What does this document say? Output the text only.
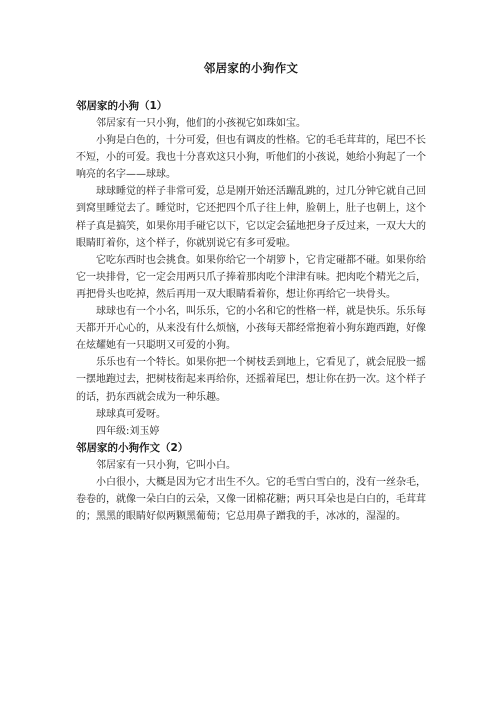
邻居家的小狗作文
邻居家的小狗（1）

邻居家有一只小狗，他们的小孩视它如珠如宝。

小狗是白色的，十分可爱，但也有调皮的性格。它的毛毛茸茸的，尾巴不长不短，小的可爱。我也十分喜欢这只小狗，听他们的小孩说，她给小狗起了一个响亮的名字——球球。

球球睡觉的样子非常可爱，总是刚开始还活蹦乱跳的，过几分钟它就自己回到窝里睡觉去了。睡觉时，它还把四个爪子往上伸，脸朝上，肚子也朝上，这个样子真是搞笑，如果你用手碰它以下，它以定会猛地把身子反过来，一双大大的眼睛盯着你，这个样子，你就别说它有多可爱啦。

它吃东西时也会挑食。如果你给它一个胡箩卜，它肯定碰都不碰。如果你给它一块排骨，它一定会用两只爪子捧着那肉吃个津津有味。把肉吃个精光之后，再把骨头也吃掉，然后再用一双大眼睛看着你，想让你再给它一块骨头。

球球也有一个小名，叫乐乐，它的小名和它的性格一样，就是快乐。乐乐每天都开开心心的，从来没有什么烦恼，小孩每天都经常抱着小狗东跑西跑，好像在炫耀她有一只聪明又可爱的小狗。

乐乐也有一个特长。如果你把一个树枝丢到地上，它看见了，就会屁股一摇一摆地跑过去，把树枝衔起来再给你，还摇着尾巴，想让你在扔一次。这个样子的话，扔东西就会成为一种乐趣。

球球真可爱呀。

四年级:刘玉婷

邻居家的小狗作文（2）

邻居家有一只小狗，它叫小白。

小白很小，大概是因为它才出生不久。它的毛雪白雪白的，没有一丝杂毛，卷卷的，就像一朵白白的云朵，又像一团棉花糖；两只耳朵也是白白的，毛茸茸的；黑黑的眼睛好似两颗黑葡萄；它总用鼻子蹭我的手，冰冰的，湿湿的。
